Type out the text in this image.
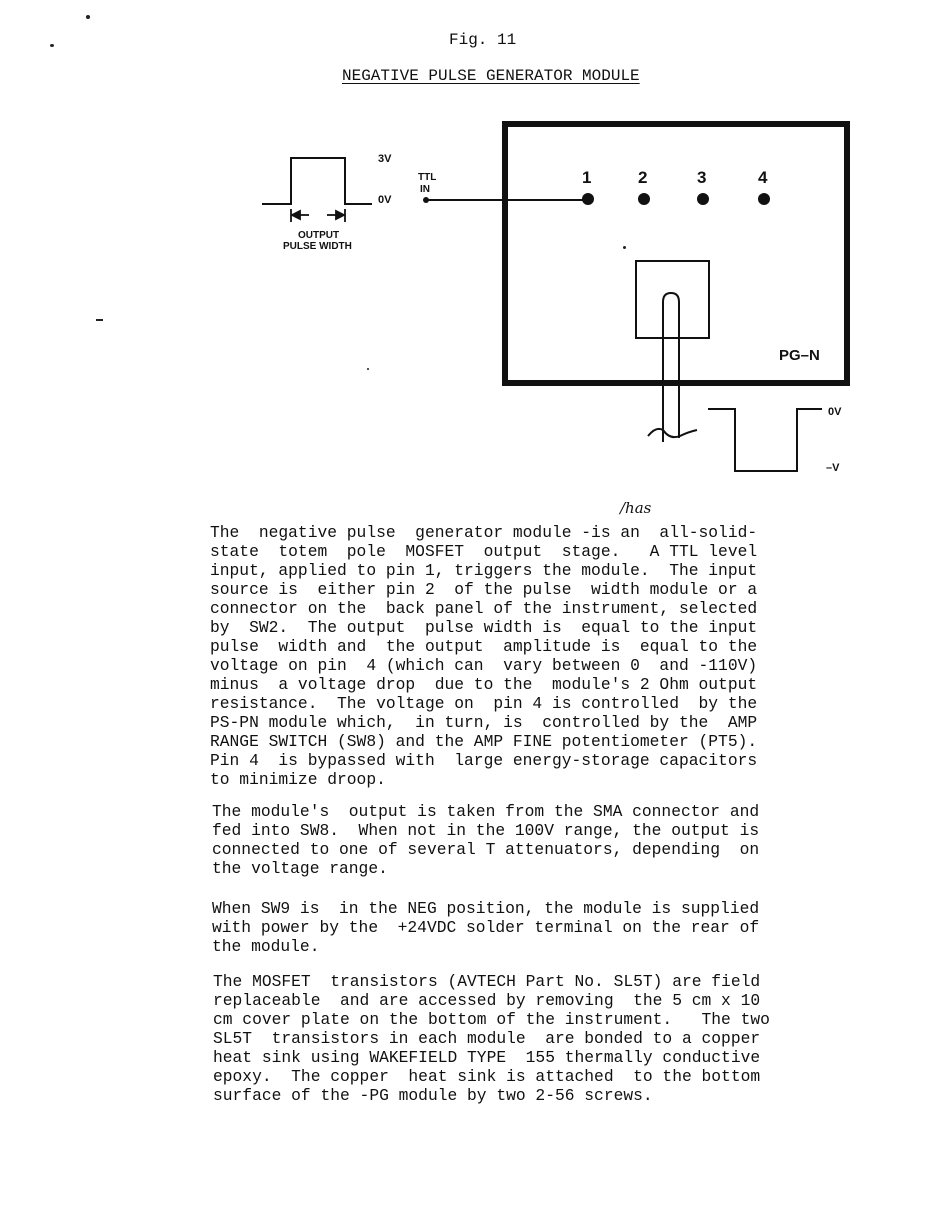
Fig. 11
NEGATIVE PULSE GENERATOR MODULE
3V
0V
OUTPUT
PULSE WIDTH
TTL
IN
1	2	3	4
PG–N
0V
–V
/has
The  negative pulse  generator module -is an  all-solid-
state  totem  pole  MOSFET  output  stage.   A TTL level
input, applied to pin 1, triggers the module.  The input
source is  either pin 2  of the pulse  width module or a
connector on the  back panel of the instrument, selected
by  SW2.  The output  pulse width is  equal to the input
pulse  width and  the output  amplitude is  equal to the
voltage on pin  4 (which can  vary between 0  and -110V)
minus  a voltage drop  due to the  module's 2 Ohm output
resistance.  The voltage on  pin 4 is controlled  by the
PS-PN module which,  in turn, is  controlled by the  AMP
RANGE SWITCH (SW8) and the AMP FINE potentiometer (PT5).
Pin 4  is bypassed with  large energy-storage capacitors
to minimize droop.
The module's  output is taken from the SMA connector and
fed into SW8.  When not in the 100V range, the output is
connected to one of several T attenuators, depending  on
the voltage range.
When SW9 is  in the NEG position, the module is supplied
with power by the  +24VDC solder terminal on the rear of
the module.
The MOSFET  transistors (AVTECH Part No. SL5T) are field
replaceable  and are accessed by removing  the 5 cm x 10
cm cover plate on the bottom of the instrument.   The two
SL5T  transistors in each module  are bonded to a copper
heat sink using WAKEFIELD TYPE  155 thermally conductive
epoxy.  The copper  heat sink is attached  to the bottom
surface of the -PG module by two 2-56 screws.
